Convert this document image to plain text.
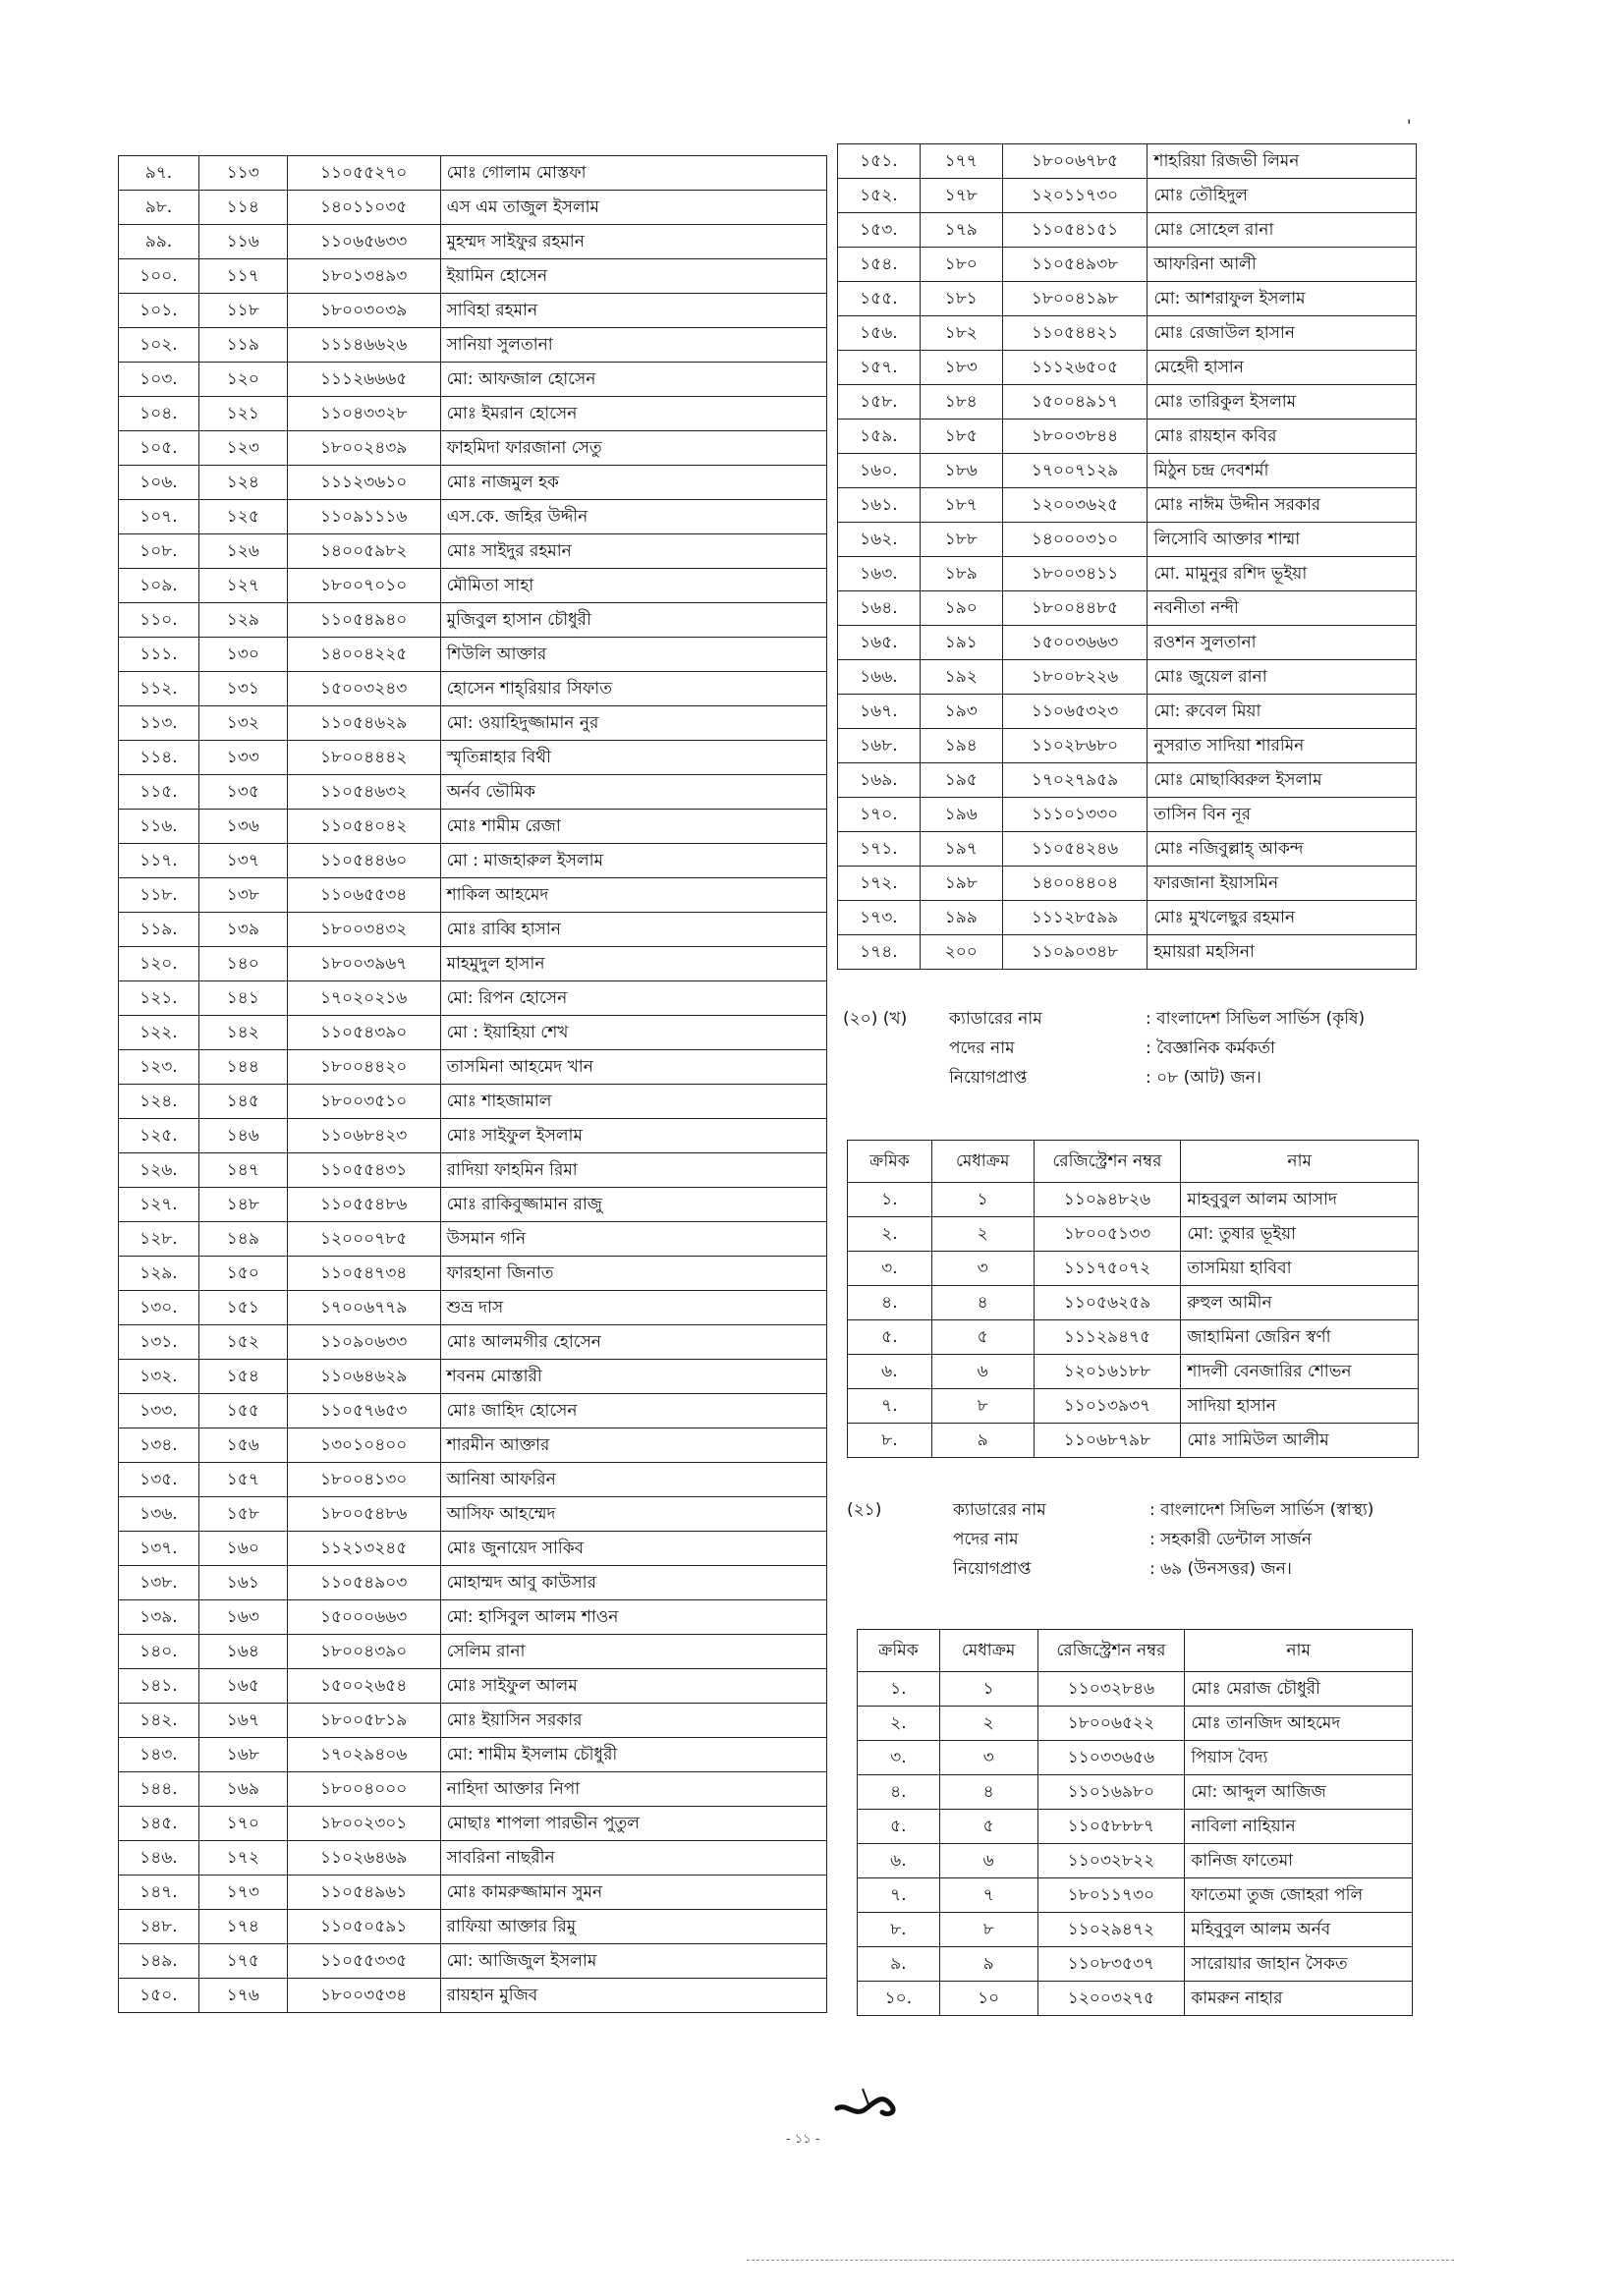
'
৯৭.	১১৩	১১০৫৫২৭০	মোঃ গোলাম মোস্তফা
৯৮.	১১৪	১৪০১১০৩৫	এস এম তাজুল ইসলাম
৯৯.	১১৬	১১০৬৫৬৩৩	মুহম্মদ সাইফুর রহমান
১০০.	১১৭	১৮০১৩৪৯৩	ইয়ামিন হোসেন
১০১.	১১৮	১৮০০৩০৩৯	সাবিহা রহমান
১০২.	১১৯	১১১৪৬৬২৬	সানিয়া সুলতানা
১০৩.	১২০	১১১২৬৬৬৫	মো: আফজাল হোসেন
১০৪.	১২১	১১০৪৩৩২৮	মোঃ ইমরান হোসেন
১০৫.	১২৩	১৮০০২৪৩৯	ফাহমিদা ফারজানা সেতু
১০৬.	১২৪	১১১২৩৬১০	মোঃ নাজমুল হক
১০৭.	১২৫	১১০৯১১১৬	এস.কে. জহির উদ্দীন
১০৮.	১২৬	১৪০০৫৯৮২	মোঃ সাইদুর রহমান
১০৯.	১২৭	১৮০০৭০১০	মৌমিতা সাহা
১১০.	১২৯	১১০৫৪৯৪০	মুজিবুল হাসান চৌধুরী
১১১.	১৩০	১৪০০৪২২৫	শিউলি আক্তার
১১২.	১৩১	১৫০০৩২৪৩	হোসেন শাহ্‌রিয়ার সিফাত
১১৩.	১৩২	১১০৫৪৬২৯	মো: ওয়াহিদুজ্জামান নুর
১১৪.	১৩৩	১৮০০৪৪৪২	স্মৃতিন্নাহার বিথী
১১৫.	১৩৫	১১০৫৪৬৩২	অর্নব ভৌমিক
১১৬.	১৩৬	১১০৫৪০৪২	মোঃ শামীম রেজা
১১৭.	১৩৭	১১০৫৪৪৬০	মো : মাজহারুল ইসলাম
১১৮.	১৩৮	১১০৬৫৫৩৪	শাকিল আহমেদ
১১৯.	১৩৯	১৮০০৩৪৩২	মোঃ রাব্বি হাসান
১২০.	১৪০	১৮০০৩৯৬৭	মাহমুদুল হাসান
১২১.	১৪১	১৭০২০২১৬	মো: রিপন হোসেন
১২২.	১৪২	১১০৫৪৩৯০	মো : ইয়াহিয়া শেখ
১২৩.	১৪৪	১৮০০৪৪২০	তাসমিনা আহমেদ খান
১২৪.	১৪৫	১৮০০৩৫১০	মোঃ শাহজামাল
১২৫.	১৪৬	১১০৬৮৪২৩	মোঃ সাইফুল ইসলাম
১২৬.	১৪৭	১১০৫৫৪৩১	রাদিয়া ফাহমিন রিমা
১২৭.	১৪৮	১১০৫৫৪৮৬	মোঃ রাকিবুজ্জামান রাজু
১২৮.	১৪৯	১২০০০৭৮৫	উসমান গনি
১২৯.	১৫০	১১০৫৪৭৩৪	ফারহানা জিনাত
১৩০.	১৫১	১৭০০৬৭৭৯	শুভ্র দাস
১৩১.	১৫২	১১০৯০৬৩৩	মোঃ আলমগীর হোসেন
১৩২.	১৫৪	১১০৬৪৬২৯	শবনম মোস্তারী
১৩৩.	১৫৫	১১০৫৭৬৫৩	মোঃ জাহিদ হোসেন
১৩৪.	১৫৬	১৩০১০৪০০	শারমীন আক্তার
১৩৫.	১৫৭	১৮০০৪১৩০	আনিষা আফরিন
১৩৬.	১৫৮	১৮০০৫৪৮৬	আসিফ আহম্মেদ
১৩৭.	১৬০	১১২১৩২৪৫	মোঃ জুনায়েদ সাকিব
১৩৮.	১৬১	১১০৫৪৯০৩	মোহাম্মদ আবু কাউসার
১৩৯.	১৬৩	১৫০০০৬৬৩	মো: হাসিবুল আলম শাওন
১৪০.	১৬৪	১৮০০৪৩৯০	সেলিম রানা
১৪১.	১৬৫	১৫০০২৬৫৪	মোঃ সাইফুল আলম
১৪২.	১৬৭	১৮০০৫৮১৯	মোঃ ইয়াসিন সরকার
১৪৩.	১৬৮	১৭০২৯৪০৬	মো: শামীম ইসলাম চৌধুরী
১৪৪.	১৬৯	১৮০০৪০০০	নাহিদা আক্তার নিপা
১৪৫.	১৭০	১৮০০২৩০১	মোছাঃ শাপলা পারভীন পুতুল
১৪৬.	১৭২	১১০২৬৪৬৯	সাবরিনা নাছরীন
১৪৭.	১৭৩	১১০৫৪৯৬১	মোঃ কামরুজ্জামান সুমন
১৪৮.	১৭৪	১১০৫০৫৯১	রাফিয়া আক্তার রিমু
১৪৯.	১৭৫	১১০৫৫৩৩৫	মো: আজিজুল ইসলাম
১৫০.	১৭৬	১৮০০৩৫৩৪	রায়হান মুজিব
১৫১.	১৭৭	১৮০০৬৭৮৫	শাহরিয়া রিজভী লিমন
১৫২.	১৭৮	১২০১১৭৩০	মোঃ তৌহিদুল
১৫৩.	১৭৯	১১০৫৪১৫১	মোঃ সোহেল রানা
১৫৪.	১৮০	১১০৫৪৯৩৮	আফরিনা আলী
১৫৫.	১৮১	১৮০০৪১৯৮	মো: আশরাফুল ইসলাম
১৫৬.	১৮২	১১০৫৪৪২১	মোঃ রেজাউল হাসান
১৫৭.	১৮৩	১১১২৬৫০৫	মেহেদী হাসান
১৫৮.	১৮৪	১৫০০৪৯১৭	মোঃ তারিকুল ইসলাম
১৫৯.	১৮৫	১৮০০৩৮৪৪	মোঃ রায়হান কবির
১৬০.	১৮৬	১৭০০৭১২৯	মিঠুন চন্দ্র দেবশর্মা
১৬১.	১৮৭	১২০০৩৬২৫	মোঃ নাঈম উদ্দীন সরকার
১৬২.	১৮৮	১৪০০০৩১০	লিসোবি আক্তার শাম্মা
১৬৩.	১৮৯	১৮০০৩৪১১	মো. মামুনুর রশিদ ভূইয়া
১৬৪.	১৯০	১৮০০৪৪৮৫	নবনীতা নন্দী
১৬৫.	১৯১	১৫০০৩৬৬৩	রওশন সুলতানা
১৬৬.	১৯২	১৮০০৮২২৬	মোঃ জুয়েল রানা
১৬৭.	১৯৩	১১০৬৫৩২৩	মো: রুবেল মিয়া
১৬৮.	১৯৪	১১০২৮৬৮০	নুসরাত সাদিয়া শারমিন
১৬৯.	১৯৫	১৭০২৭৯৫৯	মোঃ মোছাব্বিরুল ইসলাম
১৭০.	১৯৬	১১১০১৩৩০	তাসিন বিন নূর
১৭১.	১৯৭	১১০৫৪২৪৬	মোঃ নজিবুল্লাহ্‌ আকন্দ
১৭২.	১৯৮	১৪০০৪৪০৪	ফারজানা ইয়াসমিন
১৭৩.	১৯৯	১১১২৮৫৯৯	মোঃ মুখলেছুর রহমান
১৭৪.	২০০	১১০৯০৩৪৮	হমায়রা মহসিনা
(২০) (খ)	ক্যাডারের নাম	: বাংলাদেশ সিভিল সার্ভিস (কৃষি)
পদের নাম	: বৈজ্ঞানিক কর্মকর্তা
নিয়োগপ্রাপ্ত	: ০৮ (আট) জন।
ক্রমিক	মেধাক্রম	রেজিস্ট্রেশন নম্বর	নাম
১.	১	১১০৯৪৮২৬	মাহবুবুল আলম আসাদ
২.	২	১৮০০৫১৩৩	মো: তুষার ভূইয়া
৩.	৩	১১১৭৫০৭২	তাসমিয়া হাবিবা
৪.	৪	১১০৫৬২৫৯	রুহুল আমীন
৫.	৫	১১১২৯৪৭৫	জাহামিনা জেরিন স্বর্ণা
৬.	৬	১২০১৬১৮৮	শাদলী বেনজারির শোভন
৭.	৮	১১০১৩৯৩৭	সাদিয়া হাসান
৮.	৯	১১০৬৮৭৯৮	মোঃ সামিউল আলীম
(২১)	ক্যাডারের নাম	: বাংলাদেশ সিভিল সার্ভিস (স্বাস্থ্য)
পদের নাম	: সহকারী ডেন্টাল সার্জন
নিয়োগপ্রাপ্ত	: ৬৯ (উনসত্তর) জন।
ক্রমিক	মেধাক্রম	রেজিস্ট্রেশন নম্বর	নাম
১.	১	১১০৩২৮৪৬	মোঃ মেরাজ চৌধুরী
২.	২	১৮০০৬৫২২	মোঃ তানজিদ আহমেদ
৩.	৩	১১০৩৩৬৫৬	পিয়াস বৈদ্য
৪.	৪	১১০১৬৯৮০	মো: আব্দুল আজিজ
৫.	৫	১১০৫৮৮৮৭	নাবিলা নাহিয়ান
৬.	৬	১১০৩২৮২২	কানিজ ফাতেমা
৭.	৭	১৮০১১৭৩০	ফাতেমা তুজ জোহরা পলি
৮.	৮	১১০২৯৪৭২	মহিবুবুল আলম অর্নব
৯.	৯	১১০৮৩৫৩৭	সারোয়ার জাহান সৈকত
১০.	১০	১২০০৩২৭৫	কামরুন নাহার
- ১১ -
